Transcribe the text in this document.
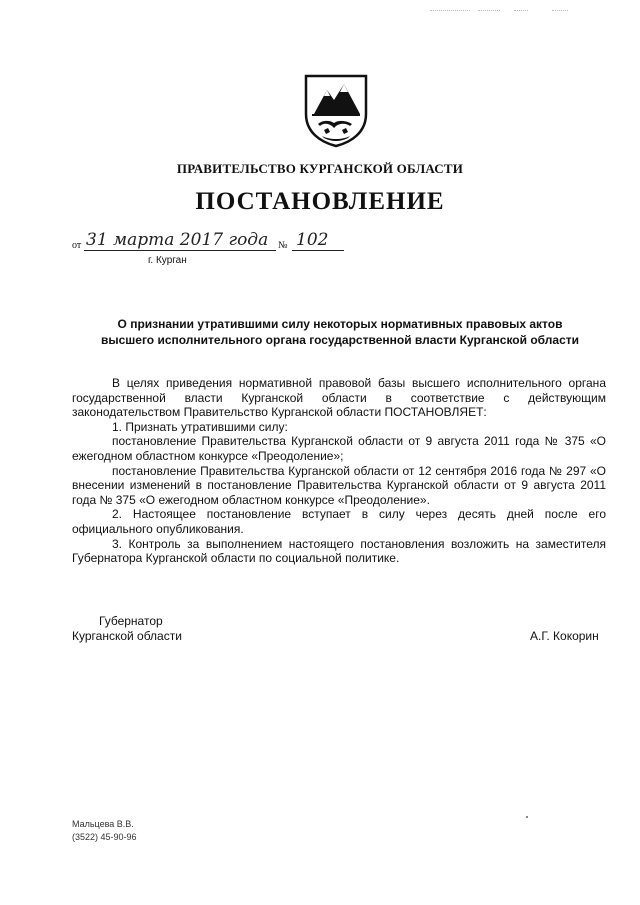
ПРАВИТЕЛЬСТВО КУРГАНСКОЙ ОБЛАСТИ
ПОСТАНОВЛЕНИЕ
от 31 марта 2017 года № 102
г. Курган
О признании утратившими силу некоторых нормативных правовых актов
высшего исполнительного органа государственной власти Курганской области

В целях приведения нормативной правовой базы высшего исполнительного органа государственной власти Курганской области в соответствие с действующим законодательством Правительство Курганской области ПОСТАНОВЛЯЕТ:

1. Признать утратившими силу:

постановление Правительства Курганской области от 9 августа 2011 года № 375 «О ежегодном областном конкурсе «Преодоление»;

постановление Правительства Курганской области от 12 сентября 2016 года № 297 «О внесении изменений в постановление Правительства Курганской области от 9 августа 2011 года № 375 «О ежегодном областном конкурсе «Преодоление».

2. Настоящее постановление вступает в силу через десять дней после его официального опубликования.

3. Контроль за выполнением настоящего постановления возложить на заместителя Губернатора Курганской области по социальной политике.

Губернатор
Курганской области	А.Г. Кокорин
Мальцева В.В.
(3522) 45-90-96
